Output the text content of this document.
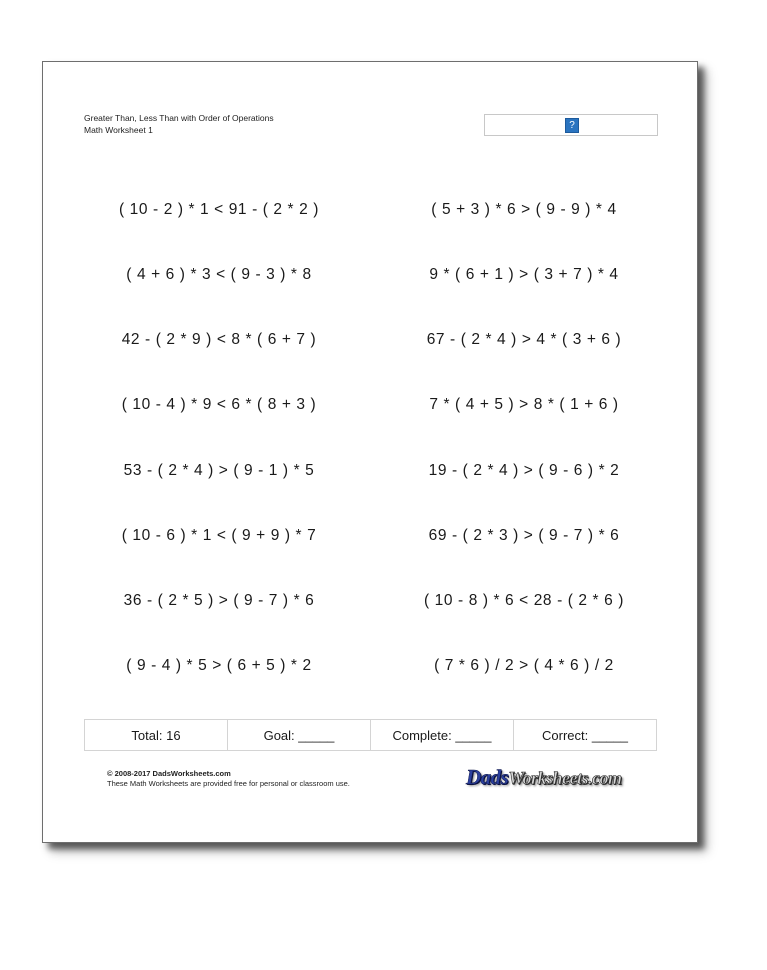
Greater Than, Less Than with Order of Operations
Math Worksheet 1	?
( 10 - 2 ) * 1 < 91 - ( 2 * 2 )
( 4 + 6 ) * 3 < ( 9 - 3 ) * 8
42 - ( 2 * 9 ) < 8 * ( 6 + 7 )
( 10 - 4 ) * 9 < 6 * ( 8 + 3 )
53 - ( 2 * 4 ) > ( 9 - 1 ) * 5
( 10 - 6 ) * 1 < ( 9 + 9 ) * 7
36 - ( 2 * 5 ) > ( 9 - 7 ) * 6
( 9 - 4 ) * 5 > ( 6 + 5 ) * 2
( 5 + 3 ) * 6 > ( 9 - 9 ) * 4
9 * ( 6 + 1 ) > ( 3 + 7 ) * 4
67 - ( 2 * 4 ) > 4 * ( 3 + 6 )
7 * ( 4 + 5 ) > 8 * ( 1 + 6 )
19 - ( 2 * 4 ) > ( 9 - 6 ) * 2
69 - ( 2 * 3 ) > ( 9 - 7 ) * 6
( 10 - 8 ) * 6 < 28 - ( 2 * 6 )
( 7 * 6 ) / 2 > ( 4 * 6 ) / 2
Total: 16	Goal: _____	Complete: _____	Correct: _____
© 2008-2017 DadsWorksheets.com
These Math Worksheets are provided free for personal or classroom use.	DadsWorksheets.com
